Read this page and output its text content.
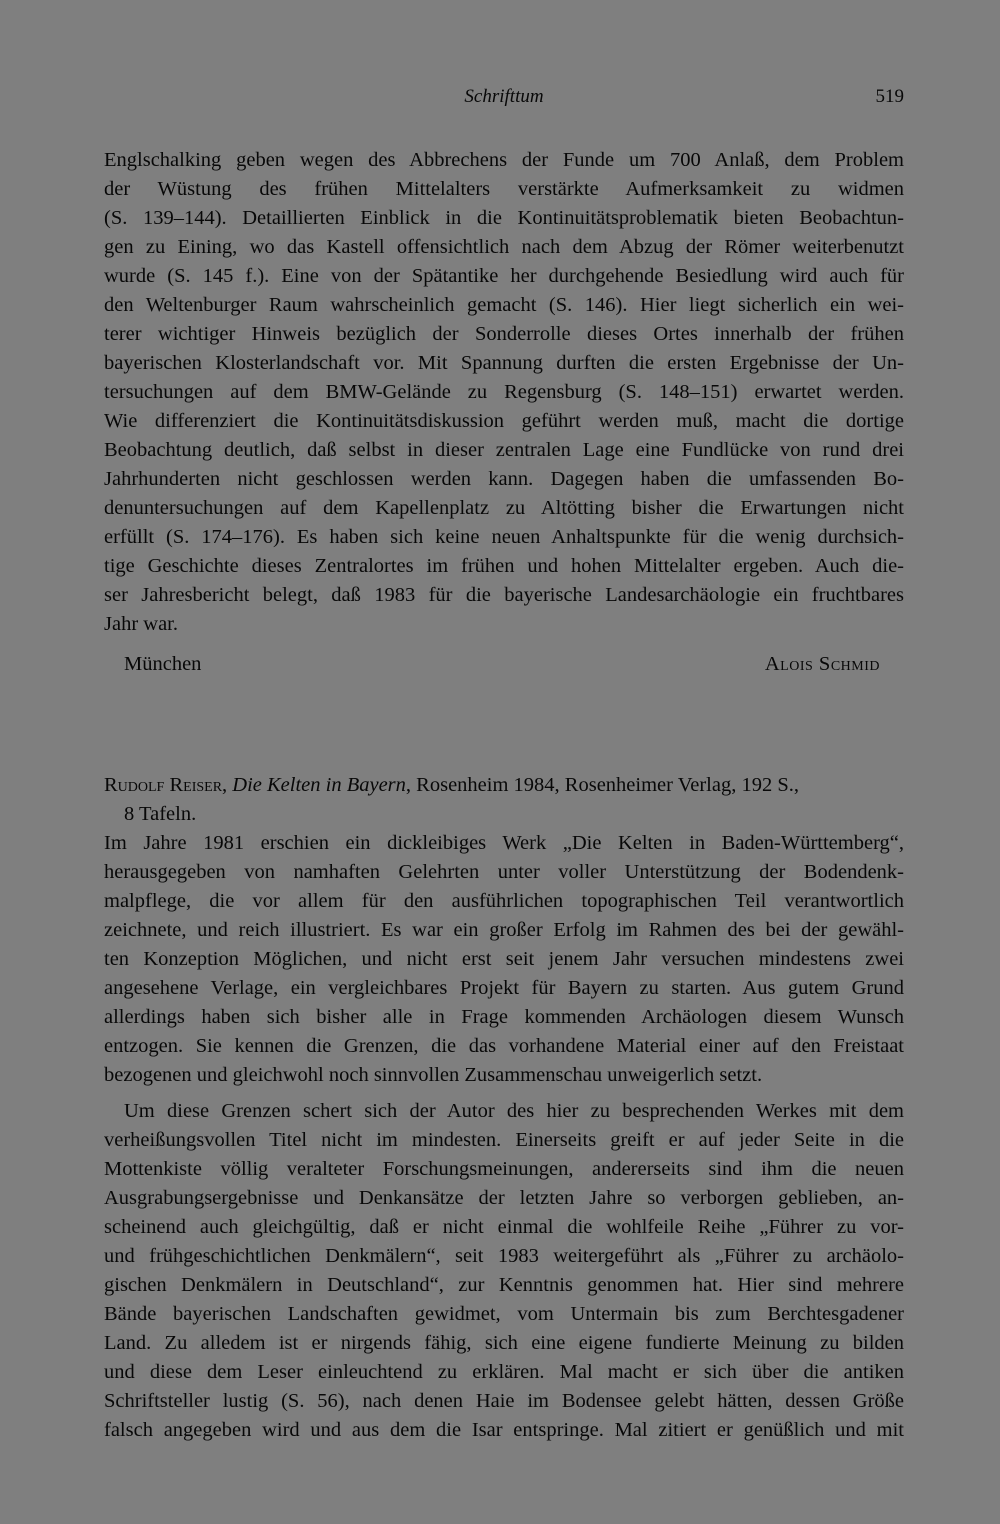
Schrifttum	519
Englschalking geben wegen des Abbrechens der Funde um 700 Anlaß, dem Problem
der Wüstung des frühen Mittelalters verstärkte Aufmerksamkeit zu widmen
(S. 139–144). Detaillierten Einblick in die Kontinuitätsproblematik bieten Beobachtun-
gen zu Eining, wo das Kastell offensichtlich nach dem Abzug der Römer weiterbenutzt
wurde (S. 145 f.). Eine von der Spätantike her durchgehende Besiedlung wird auch für
den Weltenburger Raum wahrscheinlich gemacht (S. 146). Hier liegt sicherlich ein wei-
terer wichtiger Hinweis bezüglich der Sonderrolle dieses Ortes innerhalb der frühen
bayerischen Klosterlandschaft vor. Mit Spannung durften die ersten Ergebnisse der Un-
tersuchungen auf dem BMW-Gelände zu Regensburg (S. 148–151) erwartet werden.
Wie differenziert die Kontinuitätsdiskussion geführt werden muß, macht die dortige
Beobachtung deutlich, daß selbst in dieser zentralen Lage eine Fundlücke von rund drei
Jahrhunderten nicht geschlossen werden kann. Dagegen haben die umfassenden Bo-
denuntersuchungen auf dem Kapellenplatz zu Altötting bisher die Erwartungen nicht
erfüllt (S. 174–176). Es haben sich keine neuen Anhaltspunkte für die wenig durchsich-
tige Geschichte dieses Zentralortes im frühen und hohen Mittelalter ergeben. Auch die-
ser Jahresbericht belegt, daß 1983 für die bayerische Landesarchäologie ein fruchtbares
Jahr war.
München	Alois Schmid
Rudolf Reiser, Die Kelten in Bayern, Rosenheim 1984, Rosenheimer Verlag, 192 S.,
8 Tafeln.
Im Jahre 1981 erschien ein dickleibiges Werk „Die Kelten in Baden-Württemberg“,
herausgegeben von namhaften Gelehrten unter voller Unterstützung der Bodendenk-
malpflege, die vor allem für den ausführlichen topographischen Teil verantwortlich
zeichnete, und reich illustriert. Es war ein großer Erfolg im Rahmen des bei der gewähl-
ten Konzeption Möglichen, und nicht erst seit jenem Jahr versuchen mindestens zwei
angesehene Verlage, ein vergleichbares Projekt für Bayern zu starten. Aus gutem Grund
allerdings haben sich bisher alle in Frage kommenden Archäologen diesem Wunsch
entzogen. Sie kennen die Grenzen, die das vorhandene Material einer auf den Freistaat
bezogenen und gleichwohl noch sinnvollen Zusammenschau unweigerlich setzt.
Um diese Grenzen schert sich der Autor des hier zu besprechenden Werkes mit dem
verheißungsvollen Titel nicht im mindesten. Einerseits greift er auf jeder Seite in die
Mottenkiste völlig veralteter Forschungsmeinungen, andererseits sind ihm die neuen
Ausgrabungsergebnisse und Denkansätze der letzten Jahre so verborgen geblieben, an-
scheinend auch gleichgültig, daß er nicht einmal die wohlfeile Reihe „Führer zu vor-
und frühgeschichtlichen Denkmälern“, seit 1983 weitergeführt als „Führer zu archäolo-
gischen Denkmälern in Deutschland“, zur Kenntnis genommen hat. Hier sind mehrere
Bände bayerischen Landschaften gewidmet, vom Untermain bis zum Berchtesgadener
Land. Zu alledem ist er nirgends fähig, sich eine eigene fundierte Meinung zu bilden
und diese dem Leser einleuchtend zu erklären. Mal macht er sich über die antiken
Schriftsteller lustig (S. 56), nach denen Haie im Bodensee gelebt hätten, dessen Größe
falsch angegeben wird und aus dem die Isar entspringe. Mal zitiert er genüßlich und mit
